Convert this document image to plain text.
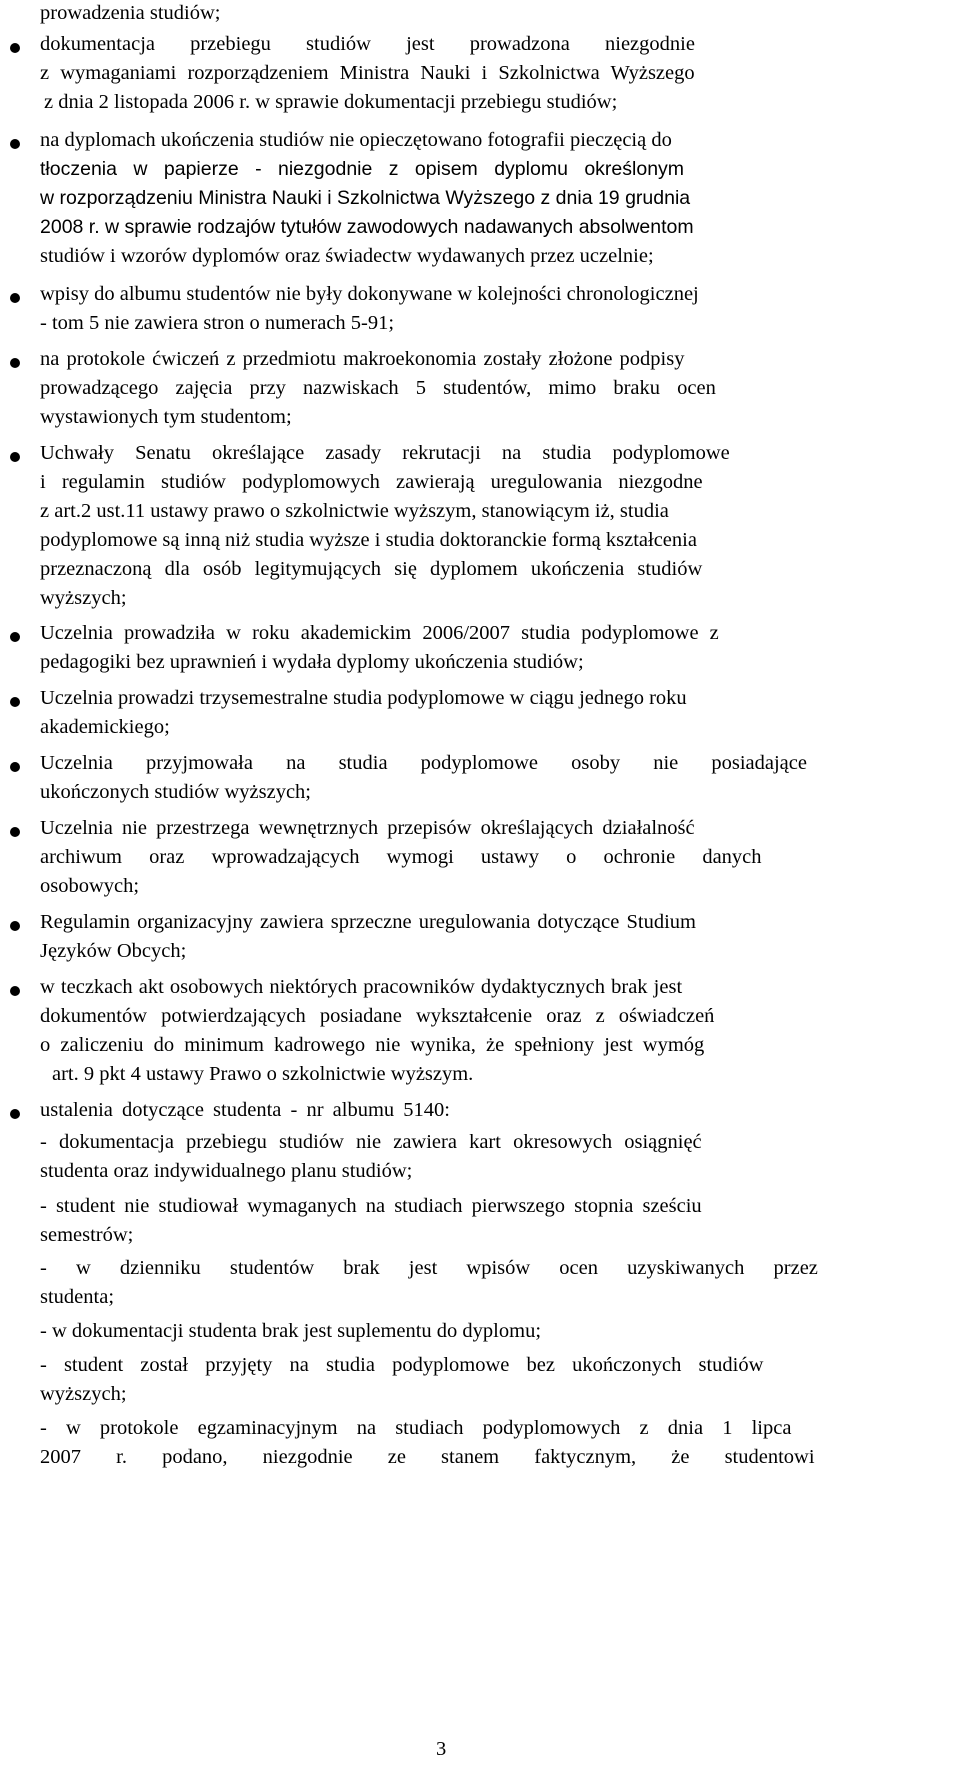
prowadzenia studiów;
dokumentacja przebiegu studiów jest prowadzona niezgodnie
z wymaganiami rozporządzeniem Ministra Nauki i Szkolnictwa Wyższego
z dnia 2 listopada 2006 r. w sprawie dokumentacji przebiegu studiów;
na dyplomach ukończenia studiów nie opieczętowano fotografii pieczęcią do
tłoczenia w papierze - niezgodnie z opisem dyplomu określonym
w rozporządzeniu Ministra Nauki i Szkolnictwa Wyższego z dnia 19 grudnia
2008 r. w sprawie rodzajów tytułów zawodowych nadawanych absolwentom
studiów i wzorów dyplomów oraz świadectw wydawanych przez uczelnie;
wpisy do albumu studentów nie były dokonywane w kolejności chronologicznej
- tom 5 nie zawiera stron o numerach 5-91;
na protokole ćwiczeń z przedmiotu makroekonomia zostały złożone podpisy
prowadzącego zajęcia przy nazwiskach 5 studentów, mimo braku ocen
wystawionych tym studentom;
Uchwały Senatu określające zasady rekrutacji na studia podyplomowe
i regulamin studiów podyplomowych zawierają uregulowania niezgodne
z art.2 ust.11 ustawy prawo o szkolnictwie wyższym, stanowiącym iż, studia
podyplomowe są inną niż studia wyższe i studia doktoranckie formą kształcenia
przeznaczoną dla osób legitymujących się dyplomem ukończenia studiów
wyższych;
Uczelnia prowadziła w roku akademickim 2006/2007 studia podyplomowe z
pedagogiki bez uprawnień i wydała dyplomy ukończenia studiów;
Uczelnia prowadzi trzysemestralne studia podyplomowe w ciągu jednego roku
akademickiego;
Uczelnia przyjmowała na studia podyplomowe osoby nie posiadające
ukończonych studiów wyższych;
Uczelnia nie przestrzega wewnętrznych przepisów określających działalność
archiwum oraz wprowadzających wymogi ustawy o ochronie danych
osobowych;
Regulamin organizacyjny zawiera sprzeczne uregulowania dotyczące Studium
Języków Obcych;
w teczkach akt osobowych niektórych pracowników dydaktycznych brak jest
dokumentów potwierdzających posiadane wykształcenie oraz z oświadczeń
o zaliczeniu do minimum kadrowego nie wynika, że spełniony jest wymóg
art. 9 pkt 4 ustawy Prawo o szkolnictwie wyższym.
ustalenia dotyczące studenta - nr albumu 5140:
- dokumentacja przebiegu studiów nie zawiera kart okresowych osiągnięć
studenta oraz indywidualnego planu studiów;
- student nie studiował wymaganych na studiach pierwszego stopnia sześciu
semestrów;
- w dzienniku studentów brak jest wpisów ocen uzyskiwanych przez
studenta;
- w dokumentacji studenta brak jest suplementu do dyplomu;
- student został przyjęty na studia podyplomowe bez ukończonych studiów
wyższych;
- w protokole egzaminacyjnym na studiach podyplomowych z dnia 1 lipca
2007 r. podano, niezgodnie ze stanem faktycznym, że studentowi
3
